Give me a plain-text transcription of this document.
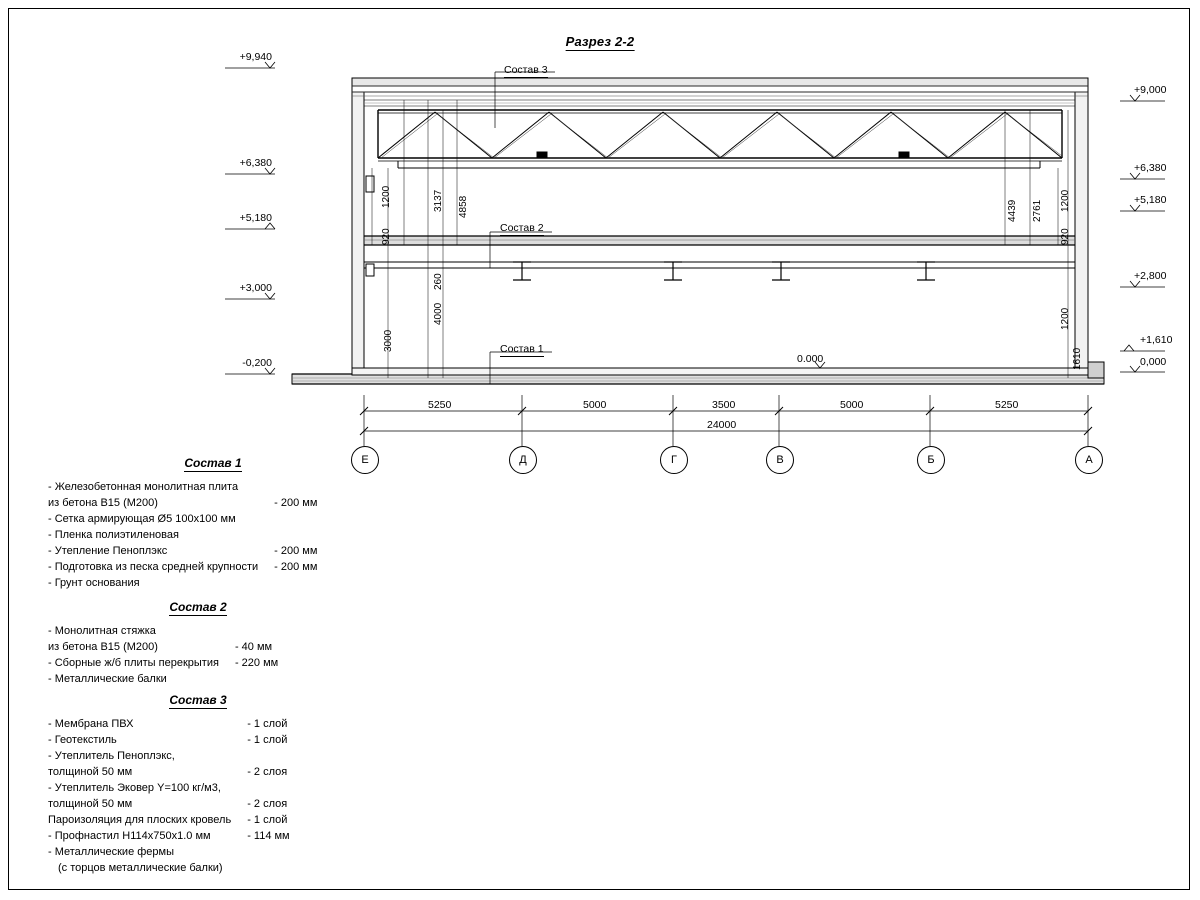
Разрез 2-2
+9,940
+6,380
+5,180
+3,000
-0,200
+9,000
+6,380
+5,180
+2,800
+1,610
0,000
Состав 3
Состав 2
Состав 1
0.000
1200	3137 4858
920
260
4000
3000
4439 2761 1200
920
1200
1610
5250	5000	3500	5000	5250
24000
Е	Д	Г	В	Б	А
Состав 1
- Железобетонная монолитная плита	
из бетона B15 (М200)	- 200 мм
- Сетка армирующая Ø5 100x100 мм	
- Пленка полиэтиленовая	
- Утепление Пеноплэкс	- 200 мм
- Подготовка из песка средней крупности	- 200 мм
- Грунт основания	
Состав 2
- Монолитная стяжка	
из бетона B15 (М200)	- 40 мм
- Сборные ж/б плиты перекрытия	- 220 мм
- Металлические балки	
Состав 3
- Мембрана ПВХ	- 1 слой
- Геотекстиль	- 1 слой
- Утеплитель Пеноплэкс,	
толщиной 50 мм	- 2 слоя
- Утеплитель Эковер Y=100 кг/м3,	
толщиной 50 мм	- 2 слоя
Пароизоляция для плоских кровель	- 1 слой
- Профнастил Н114х750х1.0 мм	- 114 мм
- Металлические фермы	
(с торцов металлические балки)	
